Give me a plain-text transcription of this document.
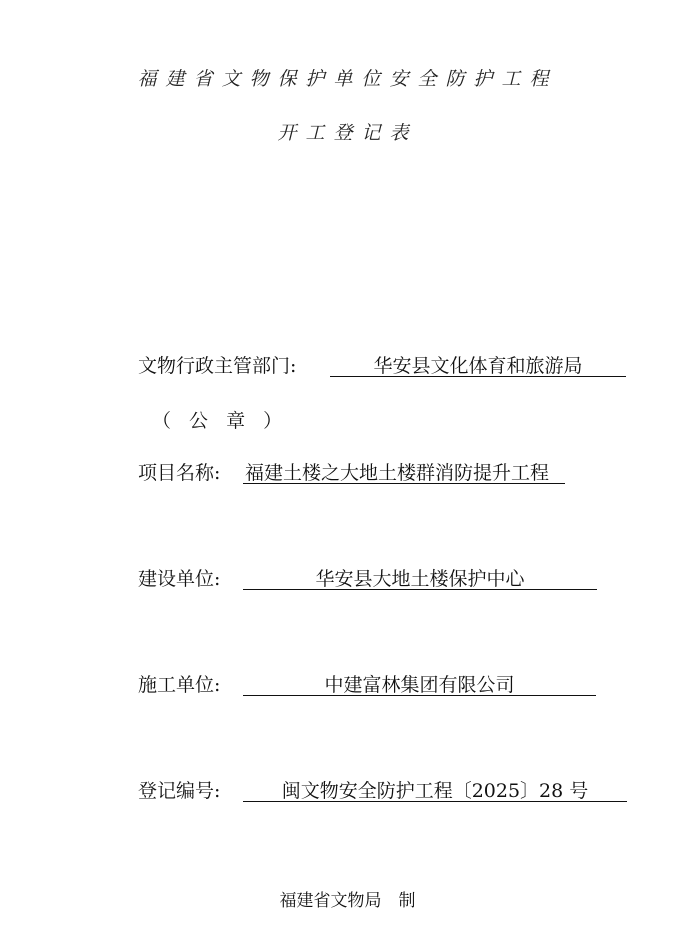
福建省文物保护单位安全防护工程
开工登记表
文物行政主管部门:	华安县文化体育和旅游局
（ 公 章 ）
项目名称: 福建土楼之大地土楼群消防提升工程
建设单位:	华安县大地土楼保护中心
施工单位:	中建富林集团有限公司
登记编号:	闽文物安全防护工程〔2025〕28 号
福建省文物局　制
